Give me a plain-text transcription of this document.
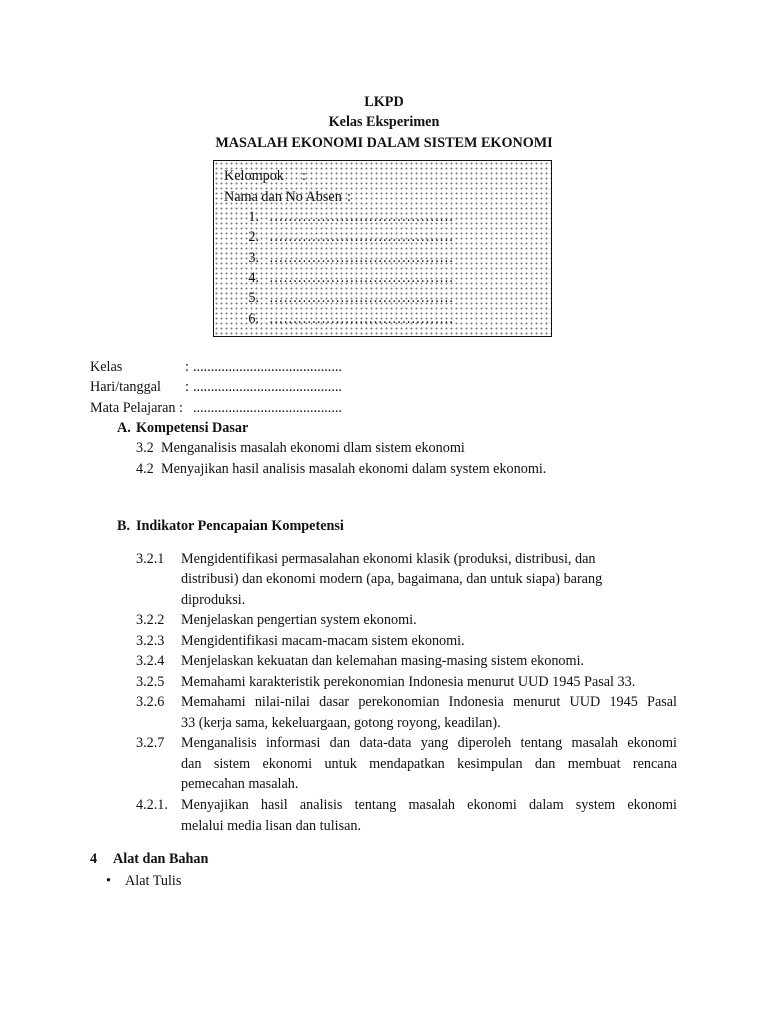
LKPD
Kelas Eksperimen
MASALAH EKONOMI DALAM SISTEM EKONOMI
Kelompok :
Nama dan No Absen :
1. …………………………………
2. …………………………………
3. …………………………………
4. …………………………………
5. …………………………………
6. …………………………………
Kelas	: ..........................................
Hari/tanggal : ..........................................
Mata Pelajaran : ..........................................
A. Kompetensi Dasar
3.2 Menganalisis masalah ekonomi dlam sistem ekonomi
4.2 Menyajikan hasil analisis masalah ekonomi dalam system ekonomi.
B. Indikator Pencapaian Kompetensi
3.2.1 Mengidentifikasi permasalahan ekonomi klasik (produksi, distribusi, dan
distribusi) dan ekonomi modern (apa, bagaimana, dan untuk siapa) barang
diproduksi.
3.2.2 Menjelaskan pengertian system ekonomi.
3.2.3 Mengidentifikasi macam-macam sistem ekonomi.
3.2.4 Menjelaskan kekuatan dan kelemahan masing-masing sistem ekonomi.
3.2.5 Memahami karakteristik perekonomian Indonesia menurut UUD 1945 Pasal 33.
3.2.6 Memahami nilai-nilai dasar perekonomian Indonesia menurut UUD 1945 Pasal
33 (kerja sama, kekeluargaan, gotong royong, keadilan).
3.2.7 Menganalisis informasi dan data-data yang diperoleh tentang masalah ekonomi
dan sistem ekonomi untuk mendapatkan kesimpulan dan membuat rencana
pemecahan masalah.
4.2.1. Menyajikan hasil analisis tentang masalah ekonomi dalam system ekonomi
melalui media lisan dan tulisan.
4 Alat dan Bahan
• Alat Tulis
